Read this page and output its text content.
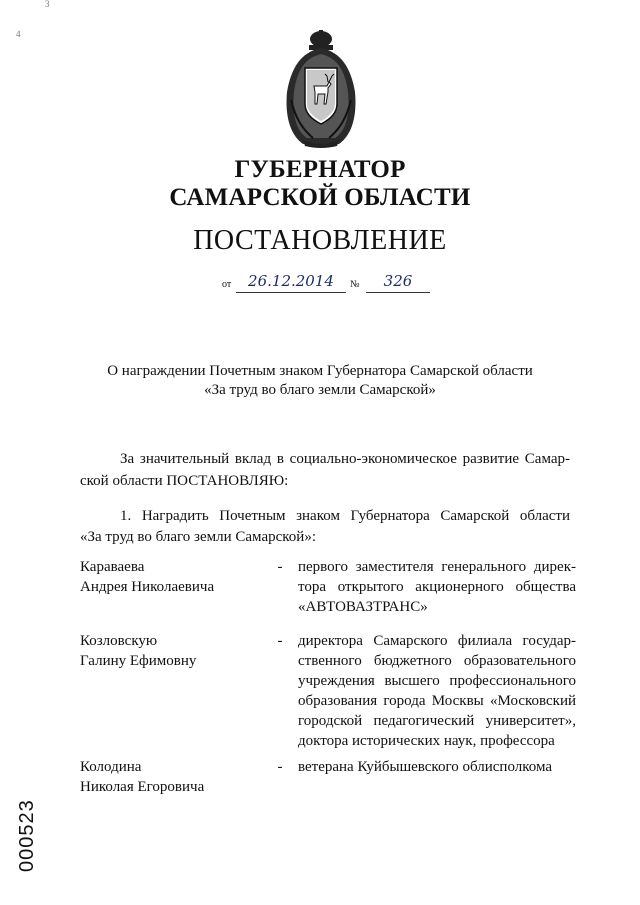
3
4
ГУБЕРНАТОР
САМАРСКОЙ ОБЛАСТИ
ПОСТАНОВЛЕНИЕ
от	26.12.2014	№	326
О награждении Почетным знаком Губернатора Самарской области
«За труд во благо земли Самарской»
За значительный вклад в социально-экономическое развитие Самар-
ской области ПОСТАНОВЛЯЮ:
1. Наградить Почетным знаком Губернатора Самарской области
«За труд во благо земли Самарской»:
Караваева
Андрея Николаевича
-	первого заместителя генерального дирек-
тора открытого акционерного общества
«АВТОВАЗТРАНС»
Козловскую
Галину Ефимовну
-	директора Самарского филиала государ-
ственного бюджетного образовательного
учреждения высшего профессионального
образования города Москвы «Московский
городской педагогический университет»,
доктора исторических наук, профессора
Колодина
Николая Егоровича
-	ветерана Куйбышевского облисполкома
000523
